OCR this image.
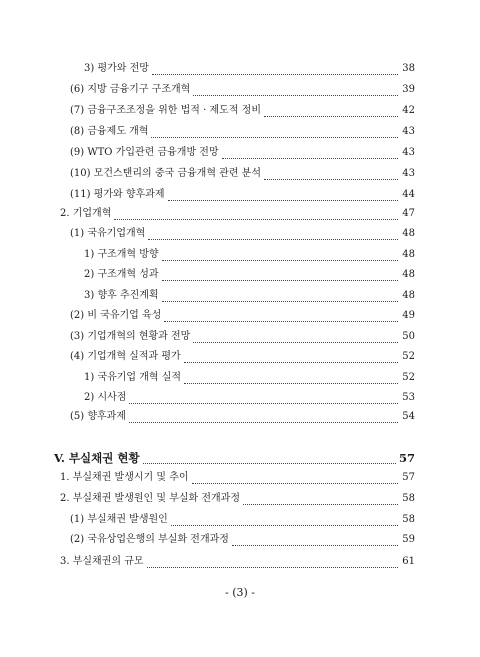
3) 평가와 전망	38
(6) 지방 금융기구 구조개혁	39
(7) 금융구조조정을 위한 법적 · 제도적 정비	42
(8) 금융제도 개혁	43
(9) WTO 가입관련 금융개방 전망	43
(10) 모건스탠리의 중국 금융개혁 관련 분석	43
(11) 평가와 향후과제	44
2. 기업개혁	47
(1) 국유기업개혁	48
1) 구조개혁 방향	48
2) 구조개혁 성과	48
3) 향후 추진계획	48
(2) 비 국유기업 육성	49
(3) 기업개혁의 현황과 전망	50
(4) 기업개혁 실적과 평가	52
1) 국유기업 개혁 실적	52
2) 시사점	53
(5) 향후과제	54
V. 부실채권 현황	57
1. 부실채권 발생시기 및 추이	57
2. 부실채권 발생원인 및 부실화 전개과정	58
(1) 부실채권 발생원인	58
(2) 국유상업은행의 부실화 전개과정	59
3. 부실채권의 규모	61
- (3) -
